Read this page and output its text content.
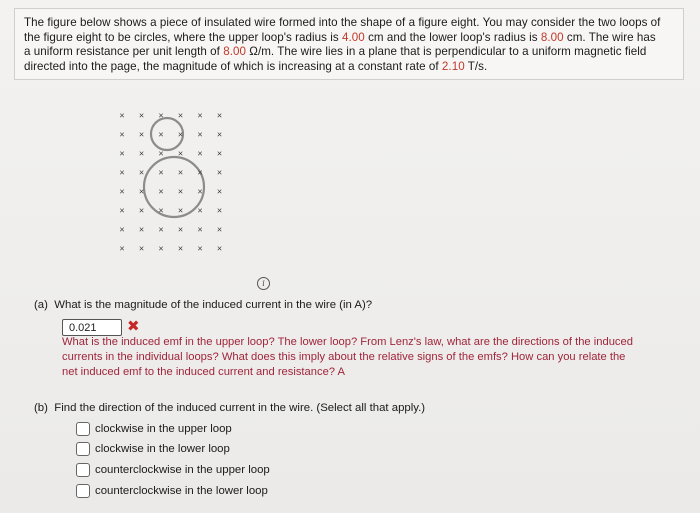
The figure below shows a piece of insulated wire formed into the shape of a figure eight. You may consider the two loops of
the figure eight to be circles, where the upper loop's radius is 4.00 cm and the lower loop's radius is 8.00 cm. The wire has
a uniform resistance per unit length of 8.00 Ω/m. The wire lies in a plane that is perpendicular to a uniform magnetic field
directed into the page, the magnitude of which is increasing at a constant rate of 2.10 T/s.
× × × × × ×
× × × × × ×
× × × × × ×
× × × × × ×
× × × × × ×
× × × × × ×
× × × × × ×
× × × × × ×
i
(a) What is the magnitude of the induced current in the wire (in A)?
0.021	✖
What is the induced emf in the upper loop? The lower loop? From Lenz's law, what are the directions of the induced
currents in the individual loops? What does this imply about the relative signs of the emfs? How can you relate the
net induced emf to the induced current and resistance? A
(b) Find the direction of the induced current in the wire. (Select all that apply.)
clockwise in the upper loop
clockwise in the lower loop
counterclockwise in the upper loop
counterclockwise in the lower loop
